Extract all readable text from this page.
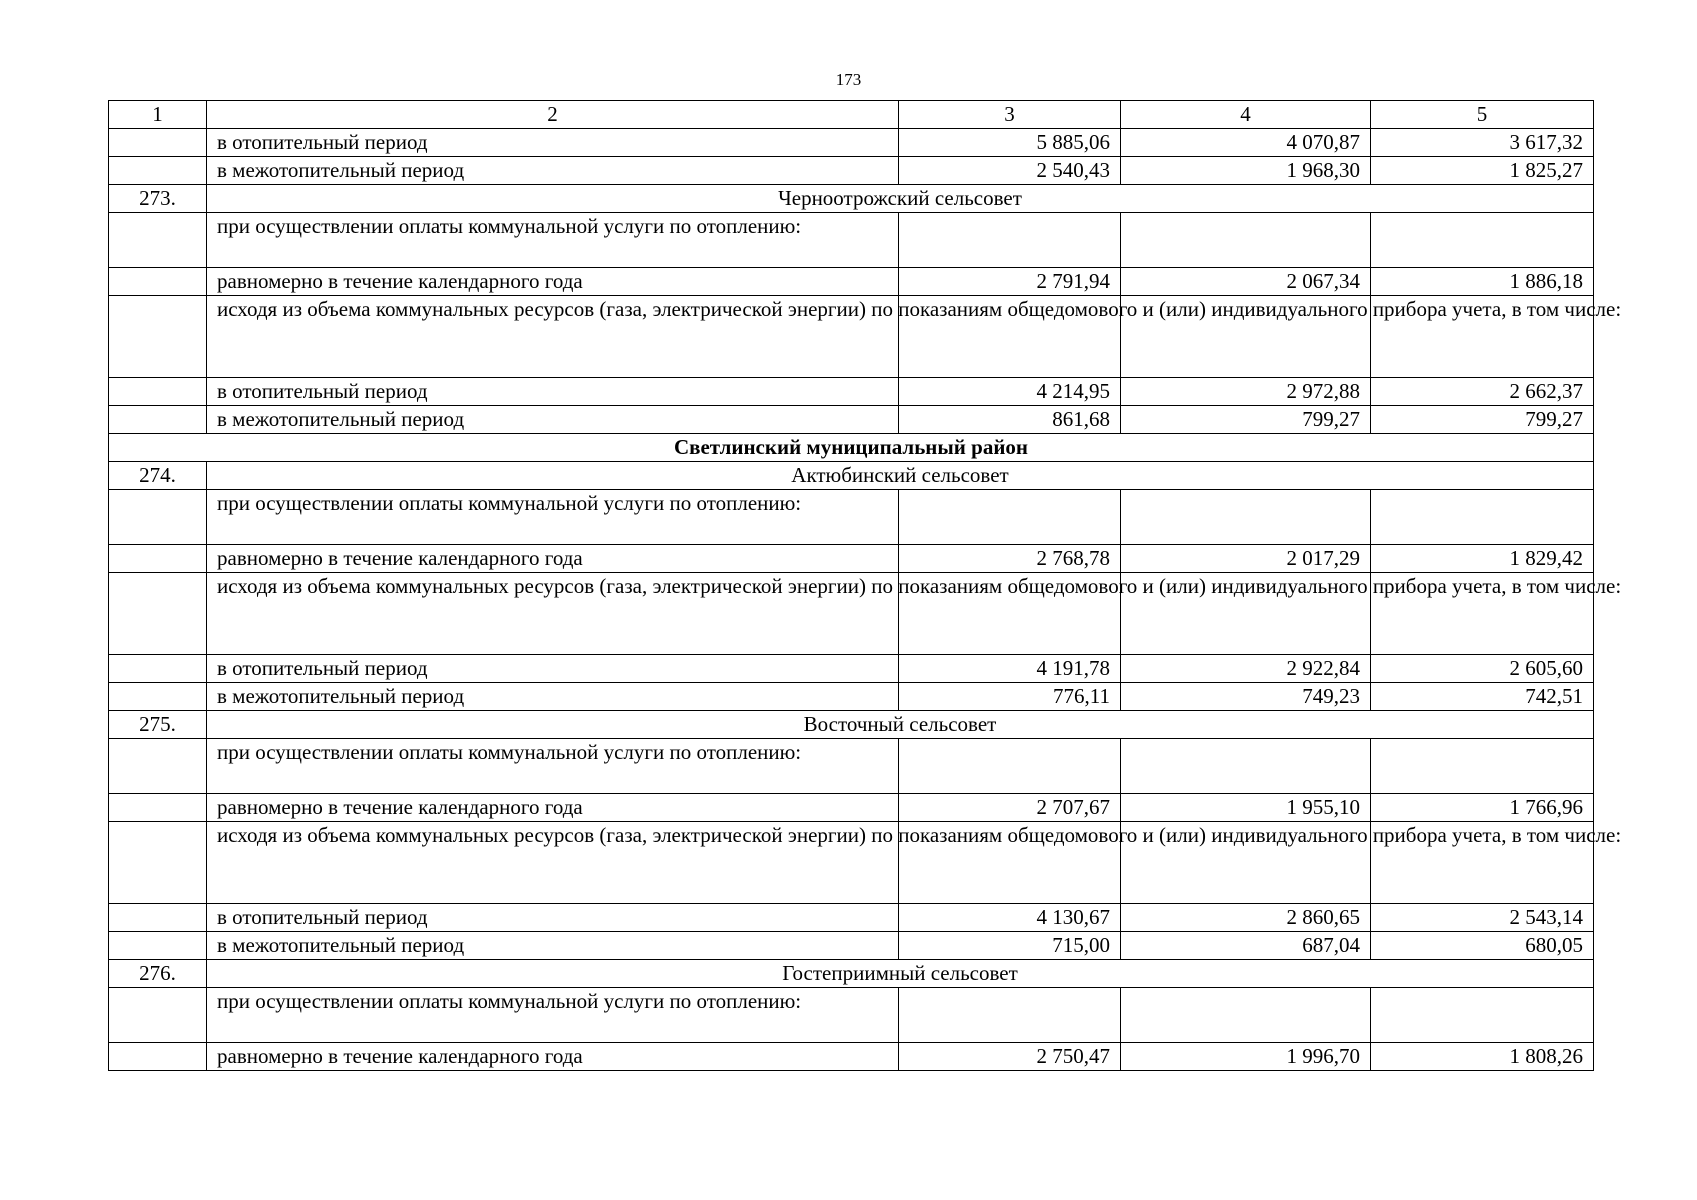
173
1	2	3	4	5
	в отопительный период	5 885,06	4 070,87	3 617,32
	в межотопительный период	2 540,43	1 968,30	1 825,27
273.	Черноотрожский сельсовет			
	при осуществлении оплаты коммунальной услуги по отоплению:			
	равномерно в течение календарного года	2 791,94	2 067,34	1 886,18
	исходя из объема коммунальных ресурсов (газа, электрической энергии) по показаниям общедомового и (или) индивидуального прибора учета, в том числе:			
	в отопительный период	4 214,95	2 972,88	2 662,37
	в межотопительный период	861,68	799,27	799,27
Светлинский муниципальный район				
274.	Актюбинский сельсовет			
	при осуществлении оплаты коммунальной услуги по отоплению:			
	равномерно в течение календарного года	2 768,78	2 017,29	1 829,42
	исходя из объема коммунальных ресурсов (газа, электрической энергии) по показаниям общедомового и (или) индивидуального прибора учета, в том числе:			
	в отопительный период	4 191,78	2 922,84	2 605,60
	в межотопительный период	776,11	749,23	742,51
275.	Восточный сельсовет			
	при осуществлении оплаты коммунальной услуги по отоплению:			
	равномерно в течение календарного года	2 707,67	1 955,10	1 766,96
	исходя из объема коммунальных ресурсов (газа, электрической энергии) по показаниям общедомового и (или) индивидуального прибора учета, в том числе:			
	в отопительный период	4 130,67	2 860,65	2 543,14
	в межотопительный период	715,00	687,04	680,05
276.	Гостеприимный сельсовет			
	при осуществлении оплаты коммунальной услуги по отоплению:			
	равномерно в течение календарного года	2 750,47	1 996,70	1 808,26
